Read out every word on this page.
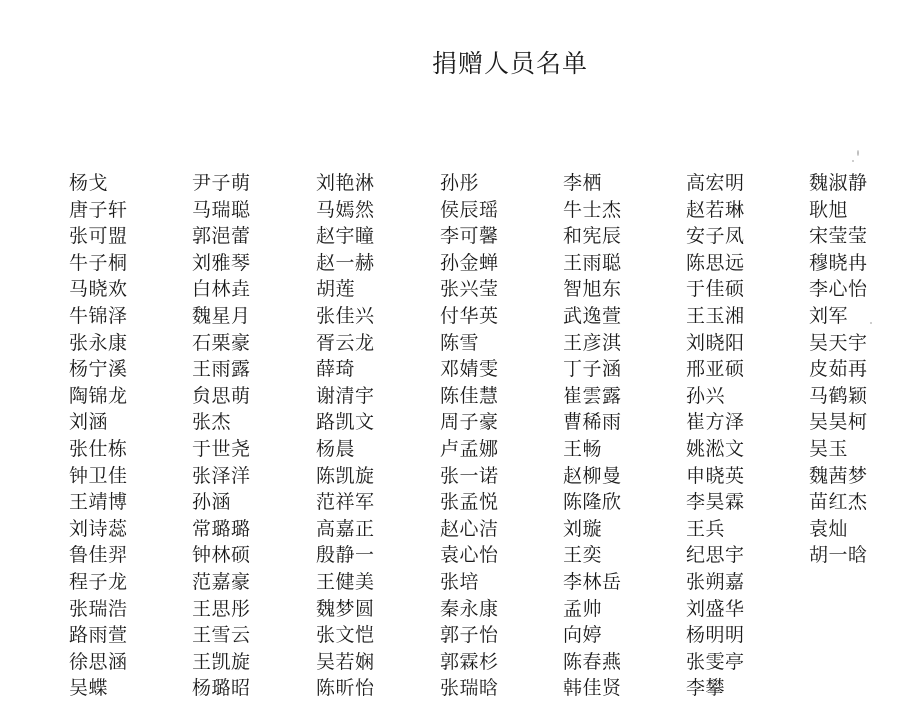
捐赠人员名单
杨戈
唐子轩
张可盟
牛子桐
马晓欢
牛锦泽
张永康
杨宁溪
陶锦龙
刘涵
张仕栋
钟卫佳
王靖博
刘诗蕊
鲁佳羿
程子龙
张瑞浩
路雨萱
徐思涵
吴蝶
尹子萌
马瑞聪
郭浥蕾
刘雅琴
白林垚
魏星月
石栗豪
王雨露
贠思萌
张杰
于世尧
张泽洋
孙涵
常璐璐
钟林硕
范嘉豪
王思彤
王雪云
王凯旋
杨璐昭
刘艳淋
马嫣然
赵宇瞳
赵一赫
胡莲
张佳兴
胥云龙
薛琦
谢清宇
路凯文
杨晨
陈凯旋
范祥军
高嘉正
殷静一
王健美
魏梦圆
张文恺
吴若娴
陈昕怡
孙彤
侯辰瑶
李可馨
孙金蝉
张兴莹
付华英
陈雪
邓婧雯
陈佳慧
周子豪
卢孟娜
张一诺
张孟悦
赵心洁
袁心怡
张培
秦永康
郭子怡
郭霖杉
张瑞晗
李栖
牛士杰
和宪辰
王雨聪
智旭东
武逸萱
王彦淇
丁子涵
崔雲露
曹稀雨
王畅
赵柳曼
陈隆欣
刘璇
王奕
李林岳
孟帅
向婷
陈春燕
韩佳贤
高宏明
赵若琳
安子凤
陈思远
于佳硕
王玉湘
刘晓阳
邢亚硕
孙兴
崔方泽
姚淞文
申晓英
李昊霖
王兵
纪思宇
张朔嘉
刘盛华
杨明明
张雯亭
李攀
魏淑静
耿旭
宋莹莹
穆晓冉
李心怡
刘军
吴天宇
皮茹再
马鹤颖
吴昊柯
吴玉
魏茜梦
苗红杰
袁灿
胡一晗
